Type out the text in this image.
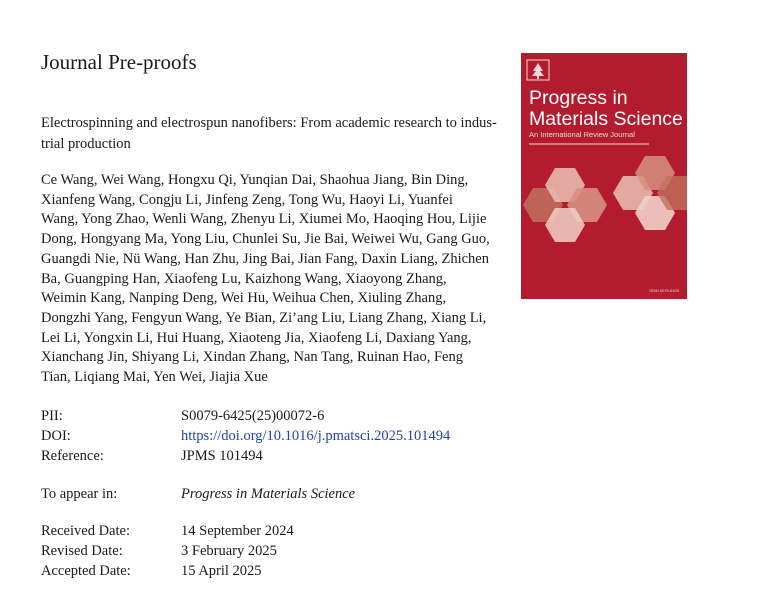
Journal Pre-proofs
Electrospinning and electrospun nanofibers: From academic research to indus-
trial production
Ce Wang, Wei Wang, Hongxu Qi, Yunqian Dai, Shaohua Jiang, Bin Ding,
Xianfeng Wang, Congju Li, Jinfeng Zeng, Tong Wu, Haoyi Li, Yuanfei
Wang, Yong Zhao, Wenli Wang, Zhenyu Li, Xiumei Mo, Haoqing Hou, Lijie
Dong, Hongyang Ma, Yong Liu, Chunlei Su, Jie Bai, Weiwei Wu, Gang Guo,
Guangdi Nie, Nü Wang, Han Zhu, Jing Bai, Jian Fang, Daxin Liang, Zhichen
Ba, Guangping Han, Xiaofeng Lu, Kaizhong Wang, Xiaoyong Zhang,
Weimin Kang, Nanping Deng, Wei Hu, Weihua Chen, Xiuling Zhang,
Dongzhi Yang, Fengyun Wang, Ye Bian, Zi’ang Liu, Liang Zhang, Xiang Li,
Lei Li, Yongxin Li, Hui Huang, Xiaoteng Jia, Xiaofeng Li, Daxiang Yang,
Xianchang Jin, Shiyang Li, Xindan Zhang, Nan Tang, Ruinan Hao, Feng
Tian, Liqiang Mai, Yen Wei, Jiajia Xue
PII:	S0079-6425(25)00072-6
DOI:	https://doi.org/10.1016/j.pmatsci.2025.101494
Reference:	JPMS 101494
To appear in:	Progress in Materials Science
Received Date:	14 September 2024
Revised Date:	3 February 2025
Accepted Date:	15 April 2025
Progress in
Materials Science
An International Review Journal
ISSN 0079-6425
